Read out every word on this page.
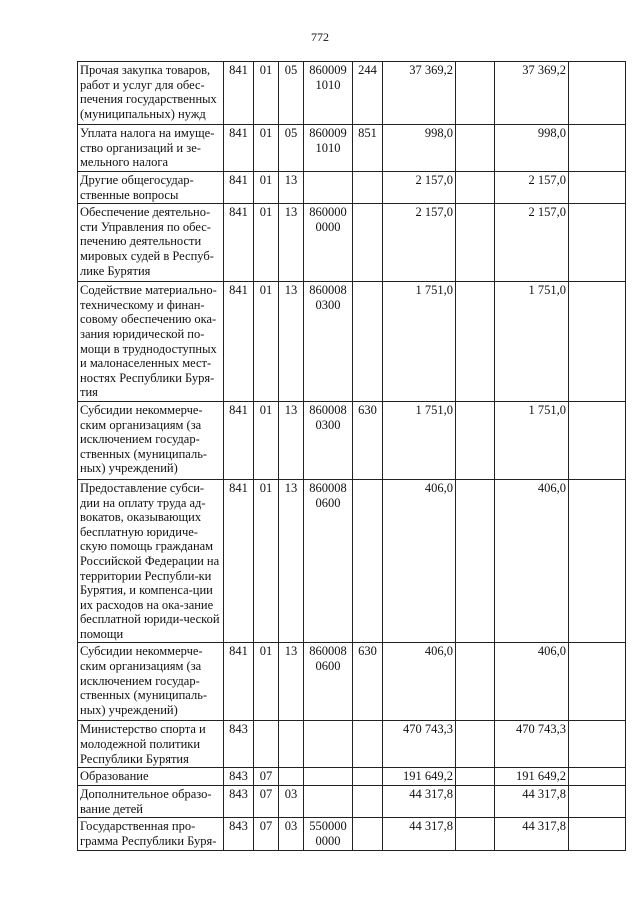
772
Прочая закупка товаров, работ и услуг для обес-печения государственных (муниципальных) нужд	841	01	05	860009 1010	244	37 369,2		37 369,2	
Уплата налога на имуще-ство организаций и зе-мельного налога	841	01	05	860009 1010	851	998,0		998,0	
Другие общегосудар-ственные вопросы	841	01	13			2 157,0		2 157,0	
Обеспечение деятельно-сти Управления по обес-печению деятельности мировых судей в Респуб-лике Бурятия	841	01	13	860000 0000		2 157,0		2 157,0	
Содействие материально-техническому и финан-совому обеспечению ока-зания юридической по-мощи в труднодоступных и малонаселенных мест-ностях Республики Буря-тия	841	01	13	860008 0300		1 751,0		1 751,0	
Субсидии некоммерче-ским организациям (за исключением государ-ственных (муниципаль-ных) учреждений)	841	01	13	860008 0300	630	1 751,0		1 751,0	
Предоставление субси-дии на оплату труда ад-вокатов, оказывающих бесплатную юридиче-скую помощь гражданам Российской Федерации на территории Республи-ки Бурятия, и компенса-ции их расходов на ока-зание бесплатной юриди-ческой помощи	841	01	13	860008 0600		406,0		406,0	
Субсидии некоммерче-ским организациям (за исключением государ-ственных (муниципаль-ных) учреждений)	841	01	13	860008 0600	630	406,0		406,0	
Министерство спорта и молодежной политики Республики Бурятия	843					470 743,3		470 743,3	
Образование	843	07				191 649,2		191 649,2	
Дополнительное образо-вание детей	843	07	03			44 317,8		44 317,8	
Государственная про-грамма Республики Буря-	843	07	03	550000 0000		44 317,8		44 317,8	
